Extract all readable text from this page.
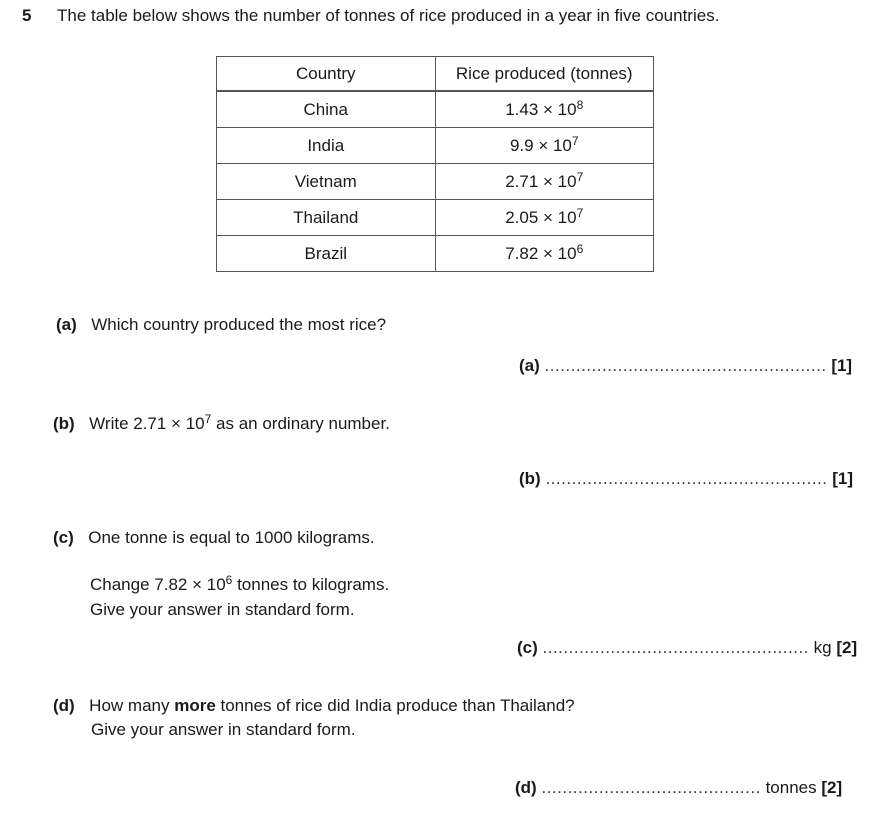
5 The table below shows the number of tonnes of rice produced in a year in five countries.
Country	Rice produced (tonnes)
China	$1.43 \times 10^8$
India	$9.9 \times 10^7$
Vietnam	$2.71 \times 10^7$
Thailand	$2.05 \times 10^7$
Brazil	$7.82 \times 10^6$
(a) Which country produced the most rice?
(a) ...................................................... [1]
(b) Write $2.71 \times 10^7$ as an ordinary number.
(b) ...................................................... [1]
(c) One tonne is equal to 1000 kilograms.
Change $7.82 \times 10^6$ tonnes to kilograms.
Give your answer in standard form.
(c) ................................................... kg [2]
(d) How many more tonnes of rice did India produce than Thailand?
Give your answer in standard form.
(d) .......................................... tonnes [2]
